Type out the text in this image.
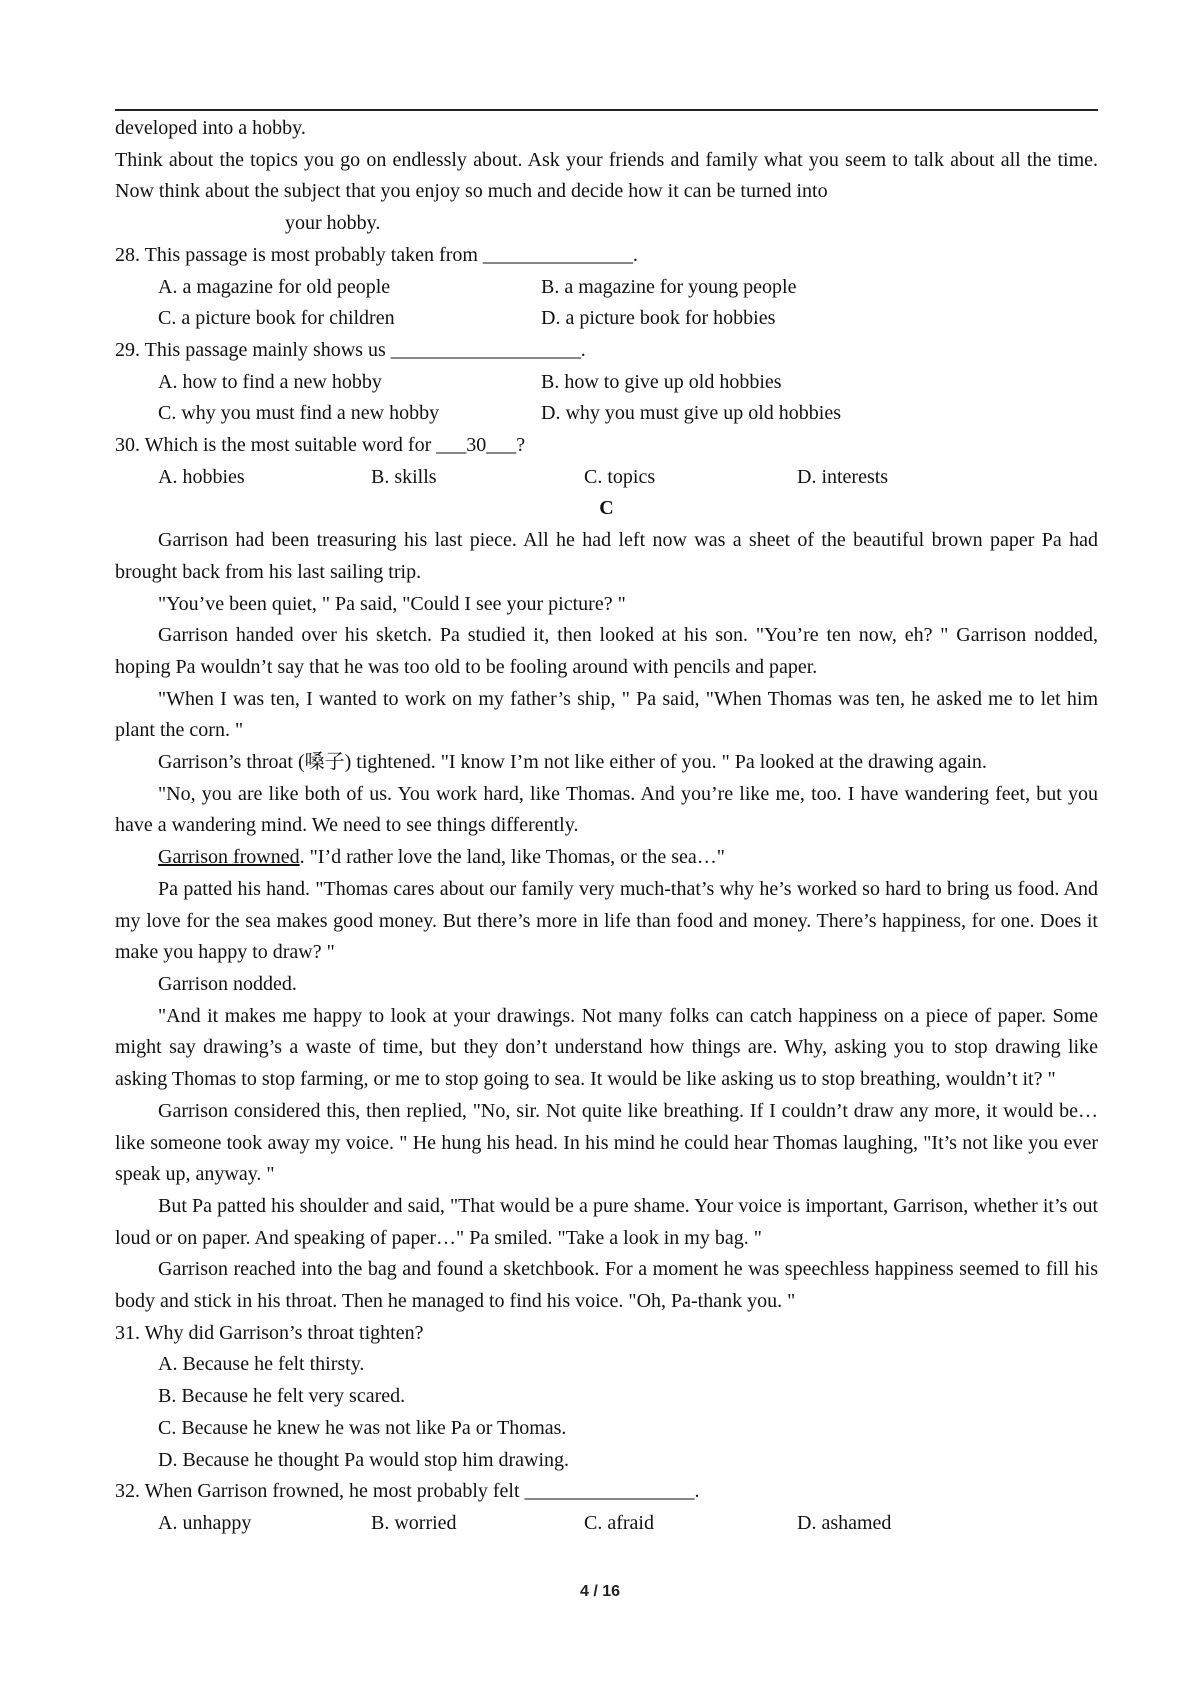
developed into a hobby.

Think about the topics you go on endlessly about. Ask your friends and family what you seem to talk about all the time. Now think about the subject that you enjoy so much and decide how it can be turned into

your hobby.

28. This passage is most probably taken from _______________.

A. a magazine for old people	B. a magazine for young people
C. a picture book for children	D. a picture book for hobbies

29. This passage mainly shows us ___________________.

A. how to find a new hobby	B. how to give up old hobbies
C. why you must find a new hobby	D. why you must give up old hobbies

30. Which is the most suitable word for ___30___?

A. hobbies	B. skills	C. topics	D. interests

C

Garrison had been treasuring his last piece. All he had left now was a sheet of the beautiful brown paper Pa had brought back from his last sailing trip.

"You’ve been quiet, " Pa said, "Could I see your picture? "

Garrison handed over his sketch. Pa studied it, then looked at his son. "You’re ten now, eh? " Garrison nodded, hoping Pa wouldn’t say that he was too old to be fooling around with pencils and paper.

"When I was ten, I wanted to work on my father’s ship, " Pa said, "When Thomas was ten, he asked me to let him plant the corn. "

Garrison’s throat (嗓子) tightened. "I know I’m not like either of you. " Pa looked at the drawing again.

"No, you are like both of us. You work hard, like Thomas. And you’re like me, too. I have wandering feet, but you have a wandering mind. We need to see things differently.

Garrison frowned. "I’d rather love the land, like Thomas, or the sea…"

Pa patted his hand. "Thomas cares about our family very much-that’s why he’s worked so hard to bring us food. And my love for the sea makes good money. But there’s more in life than food and money. There’s happiness, for one. Does it make you happy to draw? "

Garrison nodded.

"And it makes me happy to look at your drawings. Not many folks can catch happiness on a piece of paper. Some might say drawing’s a waste of time, but they don’t understand how things are. Why, asking you to stop drawing like asking Thomas to stop farming, or me to stop going to sea. It would be like asking us to stop breathing, wouldn’t it? "

Garrison considered this, then replied, "No, sir. Not quite like breathing. If I couldn’t draw any more, it would be… like someone took away my voice. " He hung his head. In his mind he could hear Thomas laughing, "It’s not like you ever speak up, anyway. "

But Pa patted his shoulder and said, "That would be a pure shame. Your voice is important, Garrison, whether it’s out loud or on paper. And speaking of paper…" Pa smiled. "Take a look in my bag. "

Garrison reached into the bag and found a sketchbook. For a moment he was speechless happiness seemed to fill his body and stick in his throat. Then he managed to find his voice. "Oh, Pa-thank you. "

31. Why did Garrison’s throat tighten?

A. Because he felt thirsty.

B. Because he felt very scared.

C. Because he knew he was not like Pa or Thomas.

D. Because he thought Pa would stop him drawing.

32. When Garrison frowned, he most probably felt _________________.

A. unhappy	B. worried	C. afraid	D. ashamed
4 / 16
